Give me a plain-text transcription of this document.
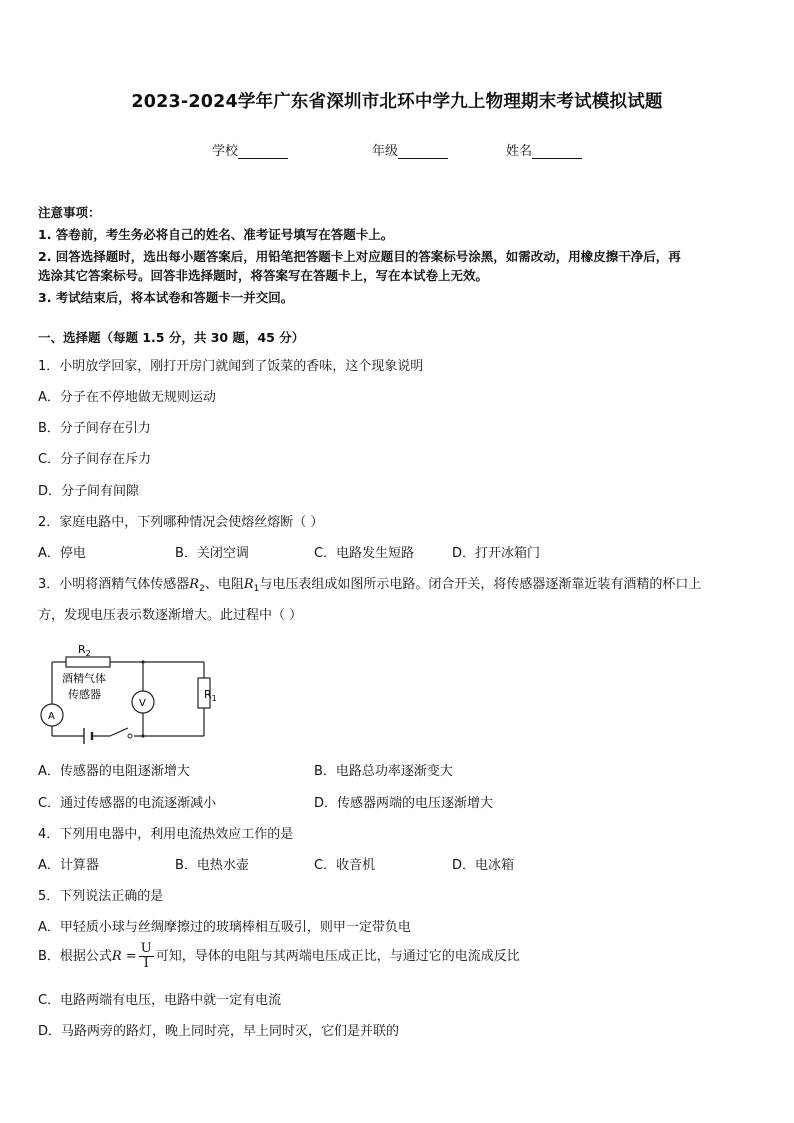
2023-2024学年广东省深圳市北环中学九上物理期末考试模拟试题
学校	年级	姓名
注意事项：
1. 答卷前，考生务必将自己的姓名、准考证号填写在答题卡上。
2. 回答选择题时，选出每小题答案后，用铅笔把答题卡上对应题目的答案标号涂黑，如需改动，用橡皮擦干净后，再
选涂其它答案标号。回答非选择题时，将答案写在答题卡上，写在本试卷上无效。
3. 考试结束后，将本试卷和答题卡一并交回。
一、选择题（每题 1.5 分，共 30 题，45 分）
1．小明放学回家，刚打开房门就闻到了饭菜的香味，这个现象说明
A．分子在不停地做无规则运动
B．分子间存在引力
C．分子间存在斥力
D．分子间有间隙
2．家庭电路中，下列哪种情况会使熔丝熔断（ ）
A．停电	B．关闭空调	C．电路发生短路	D．打开冰箱门
3．小明将酒精气体传感器$R_2$、电阻$R_1$与电压表组成如图所示电路。闭合开关，将传感器逐渐靠近装有酒精的杯口上
方，发现电压表示数逐渐增大。此过程中（ ）
$R_2$
$R_1$
酒精气体
传感器
V
A
A．传感器的电阻逐渐增大	B．电路总功率逐渐变大
C．通过传感器的电流逐渐减小	D．传感器两端的电压逐渐增大
4．下列用电器中，利用电流热效应工作的是
A．计算器	B．电热水壶	C．收音机	D．电冰箱
5．下列说法正确的是
A．甲轻质小球与丝绸摩擦过的玻璃棒相互吸引，则甲一定带负电
B．根据公式$R = \frac{U}{I}$ 可知，导体的电阻与其两端电压成正比，与通过它的电流成反比
C．电路两端有电压，电路中就一定有电流
D．马路两旁的路灯，晚上同时亮，早上同时灭，它们是并联的
